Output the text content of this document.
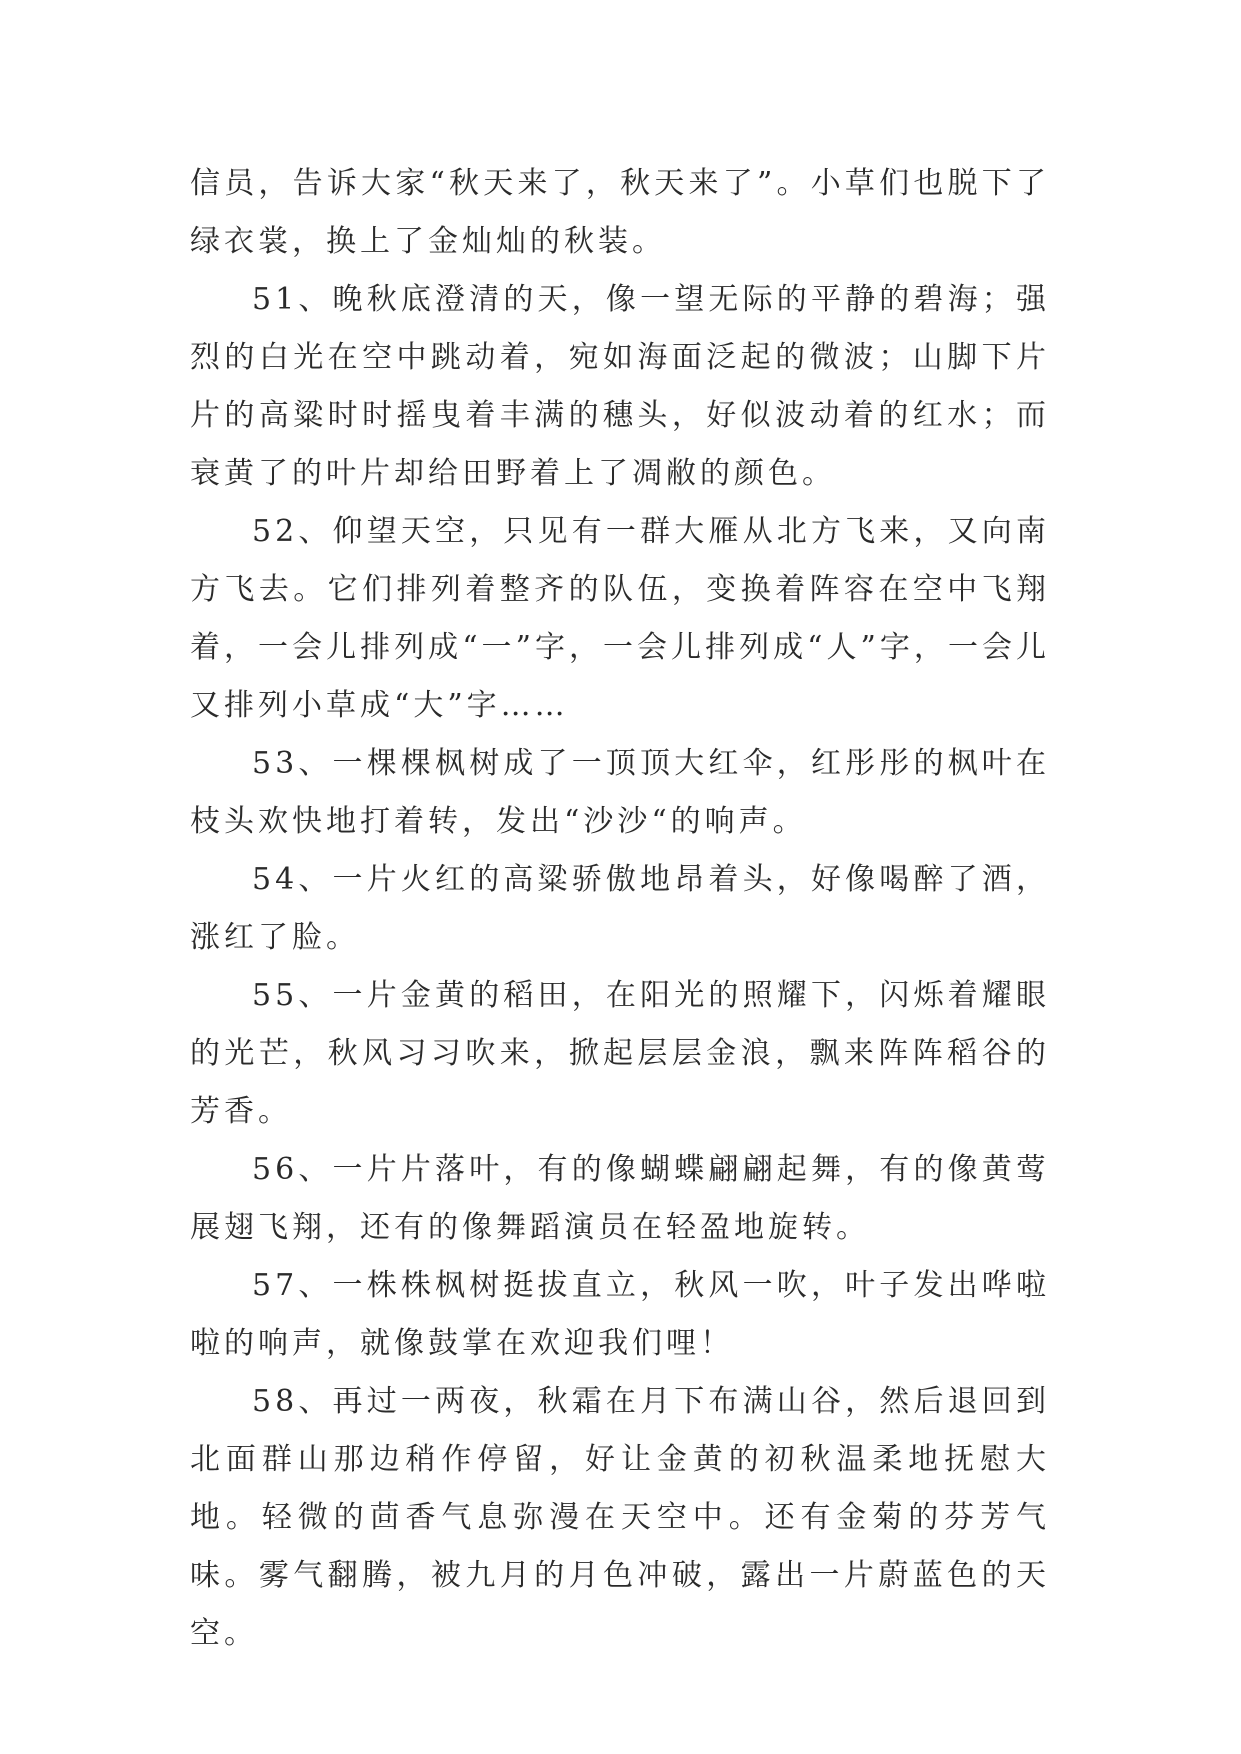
信员，告诉大家“秋天来了，秋天来了”。小草们也脱下了绿衣裳，换上了金灿灿的秋装。

51、晚秋底澄清的天，像一望无际的平静的碧海；强烈的白光在空中跳动着，宛如海面泛起的微波；山脚下片片的高粱时时摇曳着丰满的穗头，好似波动着的红水；而衰黄了的叶片却给田野着上了凋敝的颜色。

52、仰望天空，只见有一群大雁从北方飞来，又向南方飞去。它们排列着整齐的队伍，变换着阵容在空中飞翔着，一会儿排列成“一”字，一会儿排列成“人”字，一会儿又排列小草成“大”字……

53、一棵棵枫树成了一顶顶大红伞，红彤彤的枫叶在枝头欢快地打着转，发出“沙沙“的响声。

54、一片火红的高粱骄傲地昂着头，好像喝醉了酒，涨红了脸。

55、一片金黄的稻田，在阳光的照耀下，闪烁着耀眼的光芒，秋风习习吹来，掀起层层金浪，飘来阵阵稻谷的芳香。

56、一片片落叶，有的像蝴蝶翩翩起舞，有的像黄莺展翅飞翔，还有的像舞蹈演员在轻盈地旋转。

57、一株株枫树挺拔直立，秋风一吹，叶子发出哗啦啦的响声，就像鼓掌在欢迎我们哩！

58、再过一两夜，秋霜在月下布满山谷，然后退回到北面群山那边稍作停留，好让金黄的初秋温柔地抚慰大地。轻微的茴香气息弥漫在天空中。还有金菊的芬芳气味。雾气翻腾，被九月的月色冲破，露出一片蔚蓝色的天空。
